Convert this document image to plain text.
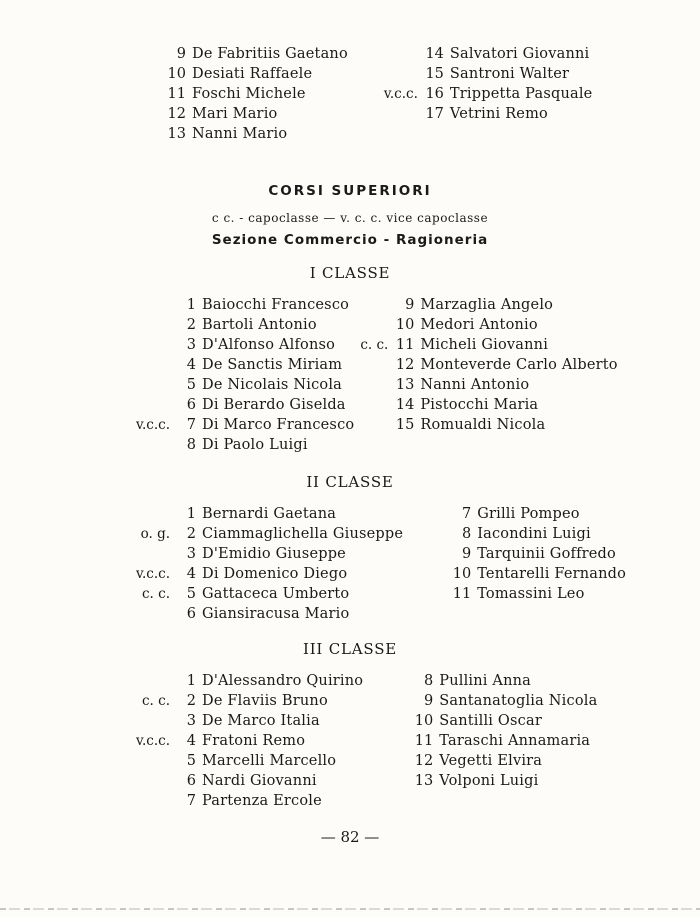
9 De Fabritiis Gaetano
10 Desiati Raffaele
11 Foschi Michele
12 Mari Mario
13 Nanni Mario
14 Salvatori Giovanni
15 Santroni Walter
v.c.c. 16 Trippetta Pasquale
17 Vetrini Remo
CORSI SUPERIORI
c c. - capoclasse — v. c. c. vice capoclasse
Sezione Commercio - Ragioneria
I CLASSE
1 Baiocchi Francesco
2 Bartoli Antonio
3 D'Alfonso Alfonso
4 De Sanctis Miriam
5 De Nicolais Nicola
6 Di Berardo Giselda
v.c.c.	7 Di Marco Francesco
8 Di Paolo Luigi
9 Marzaglia Angelo
10 Medori Antonio
c. c. 11 Micheli Giovanni
12 Monteverde Carlo Alberto
13 Nanni Antonio
14 Pistocchi Maria
15 Romualdi Nicola
II CLASSE
1 Bernardi Gaetana
o. g.	2 Ciammaglichella Giuseppe
3 D'Emidio Giuseppe
v.c.c.	4 Di Domenico Diego
c. c.	5 Gattaceca Umberto
6 Giansiracusa Mario
7 Grilli Pompeo
8 Iacondini Luigi
9 Tarquinii Goffredo
10 Tentarelli Fernando
11 Tomassini Leo
III CLASSE
1 D'Alessandro Quirino
c. c.	2 De Flaviis Bruno
3 De Marco Italia
v.c.c.	4 Fratoni Remo
5 Marcelli Marcello
6 Nardi Giovanni
7 Partenza Ercole
8 Pullini Anna
9 Santanatoglia Nicola
10 Santilli Oscar
11 Taraschi Annamaria
12 Vegetti Elvira
13 Volponi Luigi
— 82 —
